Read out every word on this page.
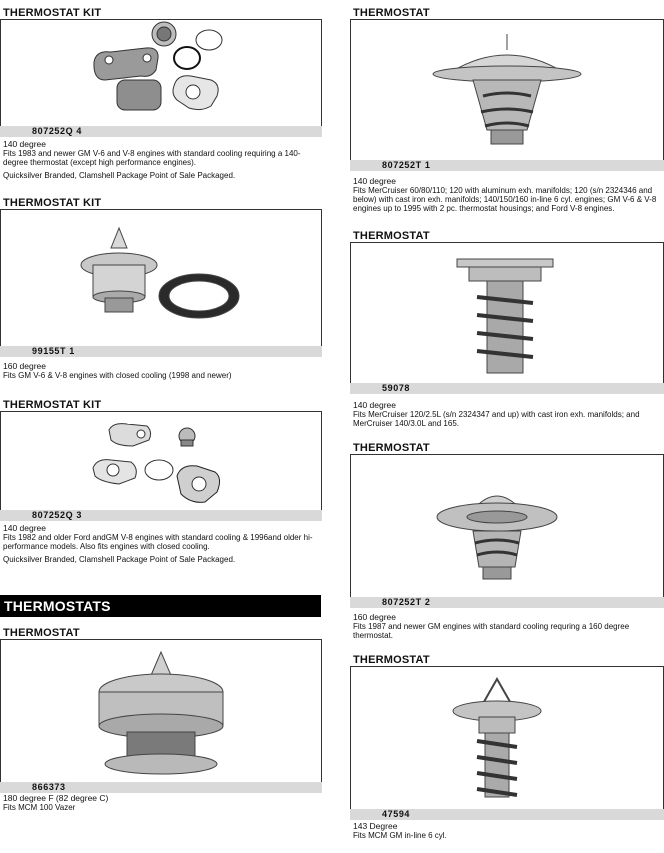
THERMOSTAT KIT
807252Q 4
140 degree
Fits 1983 and newer GM V-6 and V-8 engines with standard cooling requiring a 140-degree thermostat (except high performance engines).
Quicksilver Branded, Clamshell Package Point of Sale Packaged.
THERMOSTAT KIT
99155T 1
160 degree
Fits GM V-6 & V-8 engines with closed cooling (1998 and newer)
THERMOSTAT KIT
807252Q 3
140 degree
Fits 1982 and older Ford andGM V-8 engines with standard cooling & 1996and older hi-performance models. Also fits engines with closed cooling.
Quicksilver Branded, Clamshell Package Point of Sale Packaged.
THERMOSTATS
THERMOSTAT
866373
180 degree F (82 degree C)
Fits MCM 100 Vazer
THERMOSTAT
807252T 1
140 degree
Fits MerCruiser 60/80/110; 120 with aluminum exh. manifolds; 120 (s/n 2324346 and below) with cast iron exh. manifolds; 140/150/160 in-line 6 cyl. engines; GM V-6 & V-8 engines up to 1995 with 2 pc. thermostat housings; and Ford V-8 engines.
THERMOSTAT
59078
140 degree
Fits MerCruiser 120/2.5L (s/n 2324347 and up) with cast iron exh. manifolds; and MerCruiser 140/3.0L and 165.
THERMOSTAT
807252T 2
160 degree
Fits 1987 and newer GM engines with standard cooling requring a 160 degree thermostat.
THERMOSTAT
47594
143 Degree
Fits MCM GM in-line 6 cyl.
